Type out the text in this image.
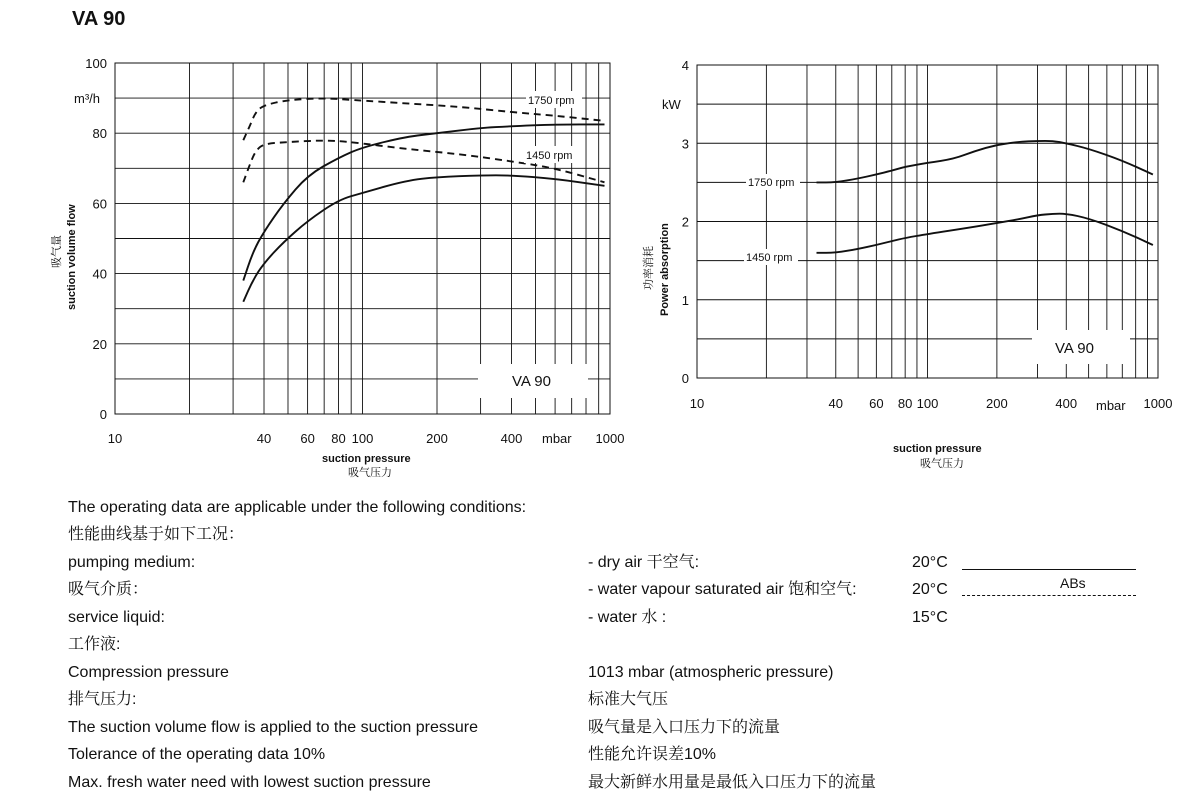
VA 90
0
20
40
60
80
100
10	40 60 80 100	200	400	1000
VA 90
1750 rpm
1450 rpm
m³/h
mbar
suction pressure
吸气压力
suction volume flow
吸气量
0
1
2
3
4
10	40 60 80 100	200	400	1000
VA 90
1750 rpm
1450 rpm
kW
mbar
suction pressure
吸气压力
Power absorption
功率消耗
The operating data are applicable under the following conditions:
性能曲线基于如下工况：
pumping medium:	- dry air 干空气:	20°C
吸气介质：	- water vapour saturated air 饱和空气:	20°C	ABs
service liquid:	- water 水 :	15°C
工作液:
Compression pressure	1013 mbar (atmospheric pressure)
排气压力:	标准大气压
The suction volume flow is applied to the suction pressure	吸气量是入口压力下的流量
Tolerance of the operating data 10%	性能允许误差10%
Max. fresh water need with lowest suction pressure	最大新鲜水用量是最低入口压力下的流量
